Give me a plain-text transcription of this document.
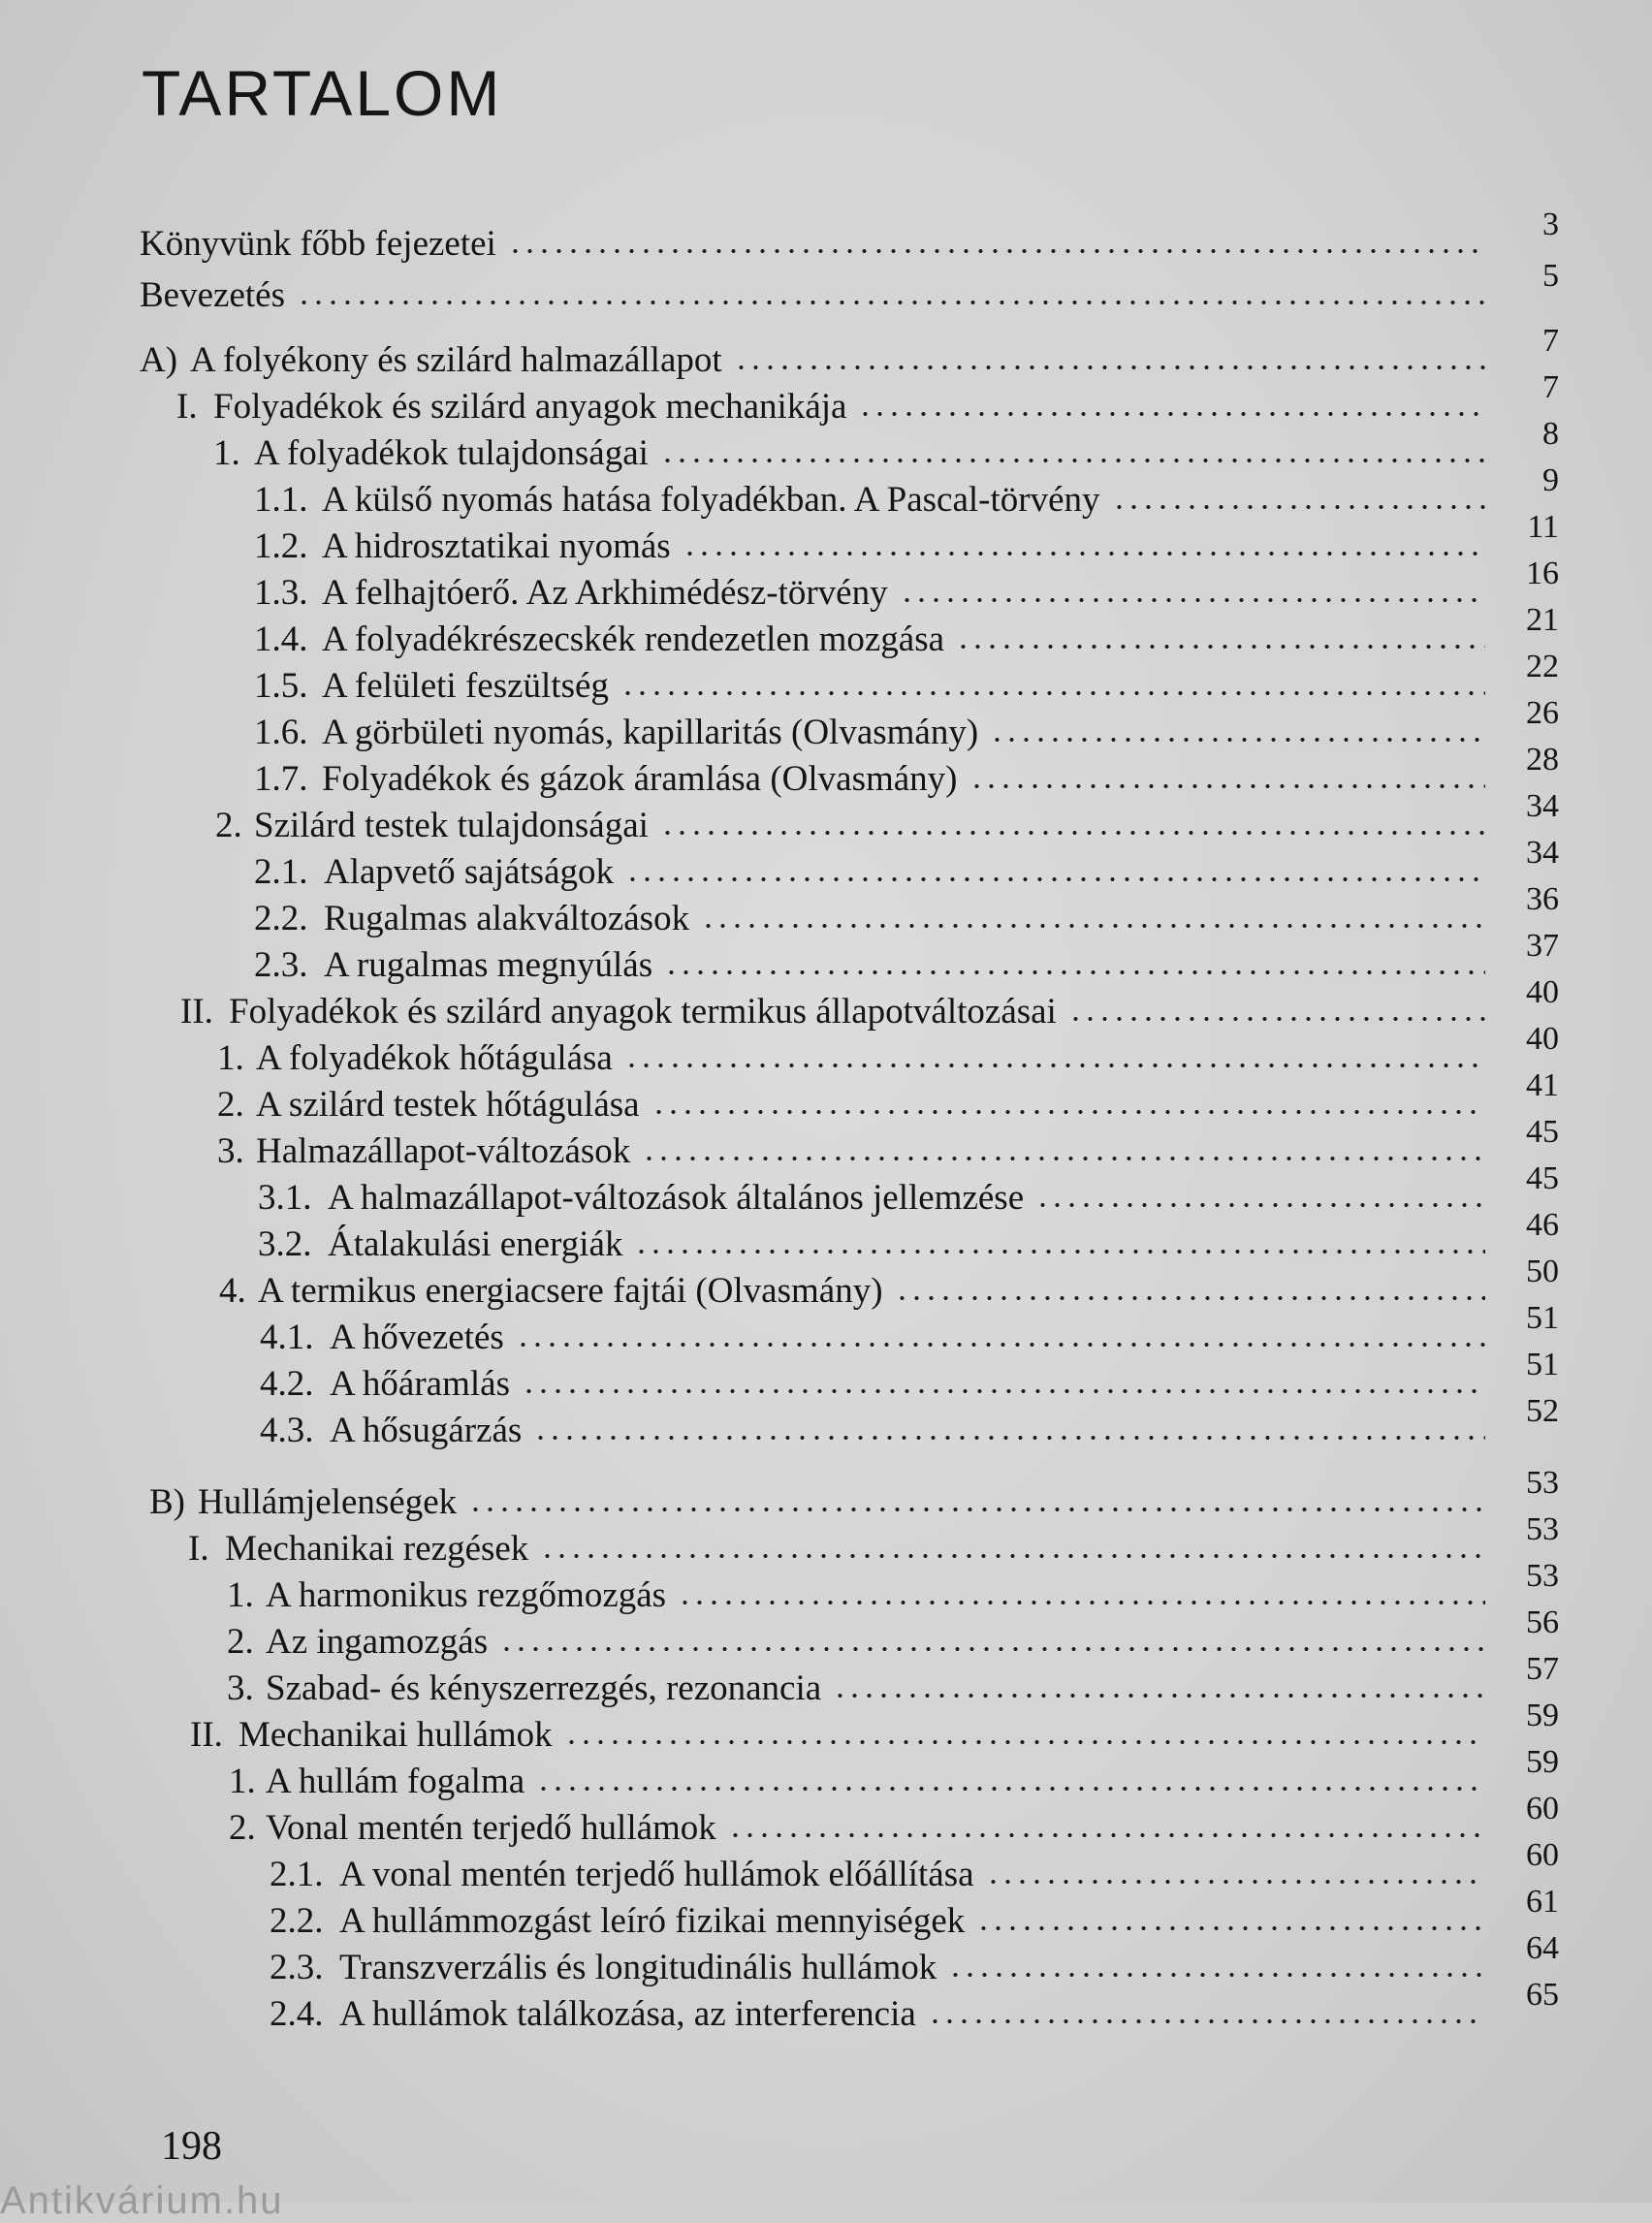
TARTALOM
Könyvünk főbb fejezetei	3
Bevezetés	5
A) A folyékony és szilárd halmazállapot	7
I. Folyadékok és szilárd anyagok mechanikája	7
1. A folyadékok tulajdonságai	8
1.1. A külső nyomás hatása folyadékban. A Pascal-törvény	9
1.2. A hidrosztatikai nyomás	11
1.3. A felhajtóerő. Az Arkhimédész-törvény	16
1.4. A folyadékrészecskék rendezetlen mozgása	21
1.5. A felületi feszültség	22
1.6. A görbületi nyomás, kapillaritás (Olvasmány)	26
1.7. Folyadékok és gázok áramlása (Olvasmány)	28
2. Szilárd testek tulajdonságai	34
2.1. Alapvető sajátságok	34
2.2. Rugalmas alakváltozások	36
2.3. A rugalmas megnyúlás	37
II. Folyadékok és szilárd anyagok termikus állapotváltozásai	40
1. A folyadékok hőtágulása	40
2. A szilárd testek hőtágulása	41
3. Halmazállapot-változások	45
3.1. A halmazállapot-változások általános jellemzése	45
3.2. Átalakulási energiák	46
4. A termikus energiacsere fajtái (Olvasmány)	50
4.1. A hővezetés	51
4.2. A hőáramlás	51
4.3. A hősugárzás	52
B) Hullámjelenségek	53
I. Mechanikai rezgések	53
1. A harmonikus rezgőmozgás	53
2. Az ingamozgás	56
3. Szabad- és kényszerrezgés, rezonancia	57
II. Mechanikai hullámok	59
1. A hullám fogalma	59
2. Vonal mentén terjedő hullámok	60
2.1. A vonal mentén terjedő hullámok előállítása	60
2.2. A hullámmozgást leíró fizikai mennyiségek	61
2.3. Transzverzális és longitudinális hullámok	64
2.4. A hullámok találkozása, az interferencia	65
198
Antikvárium.hu
